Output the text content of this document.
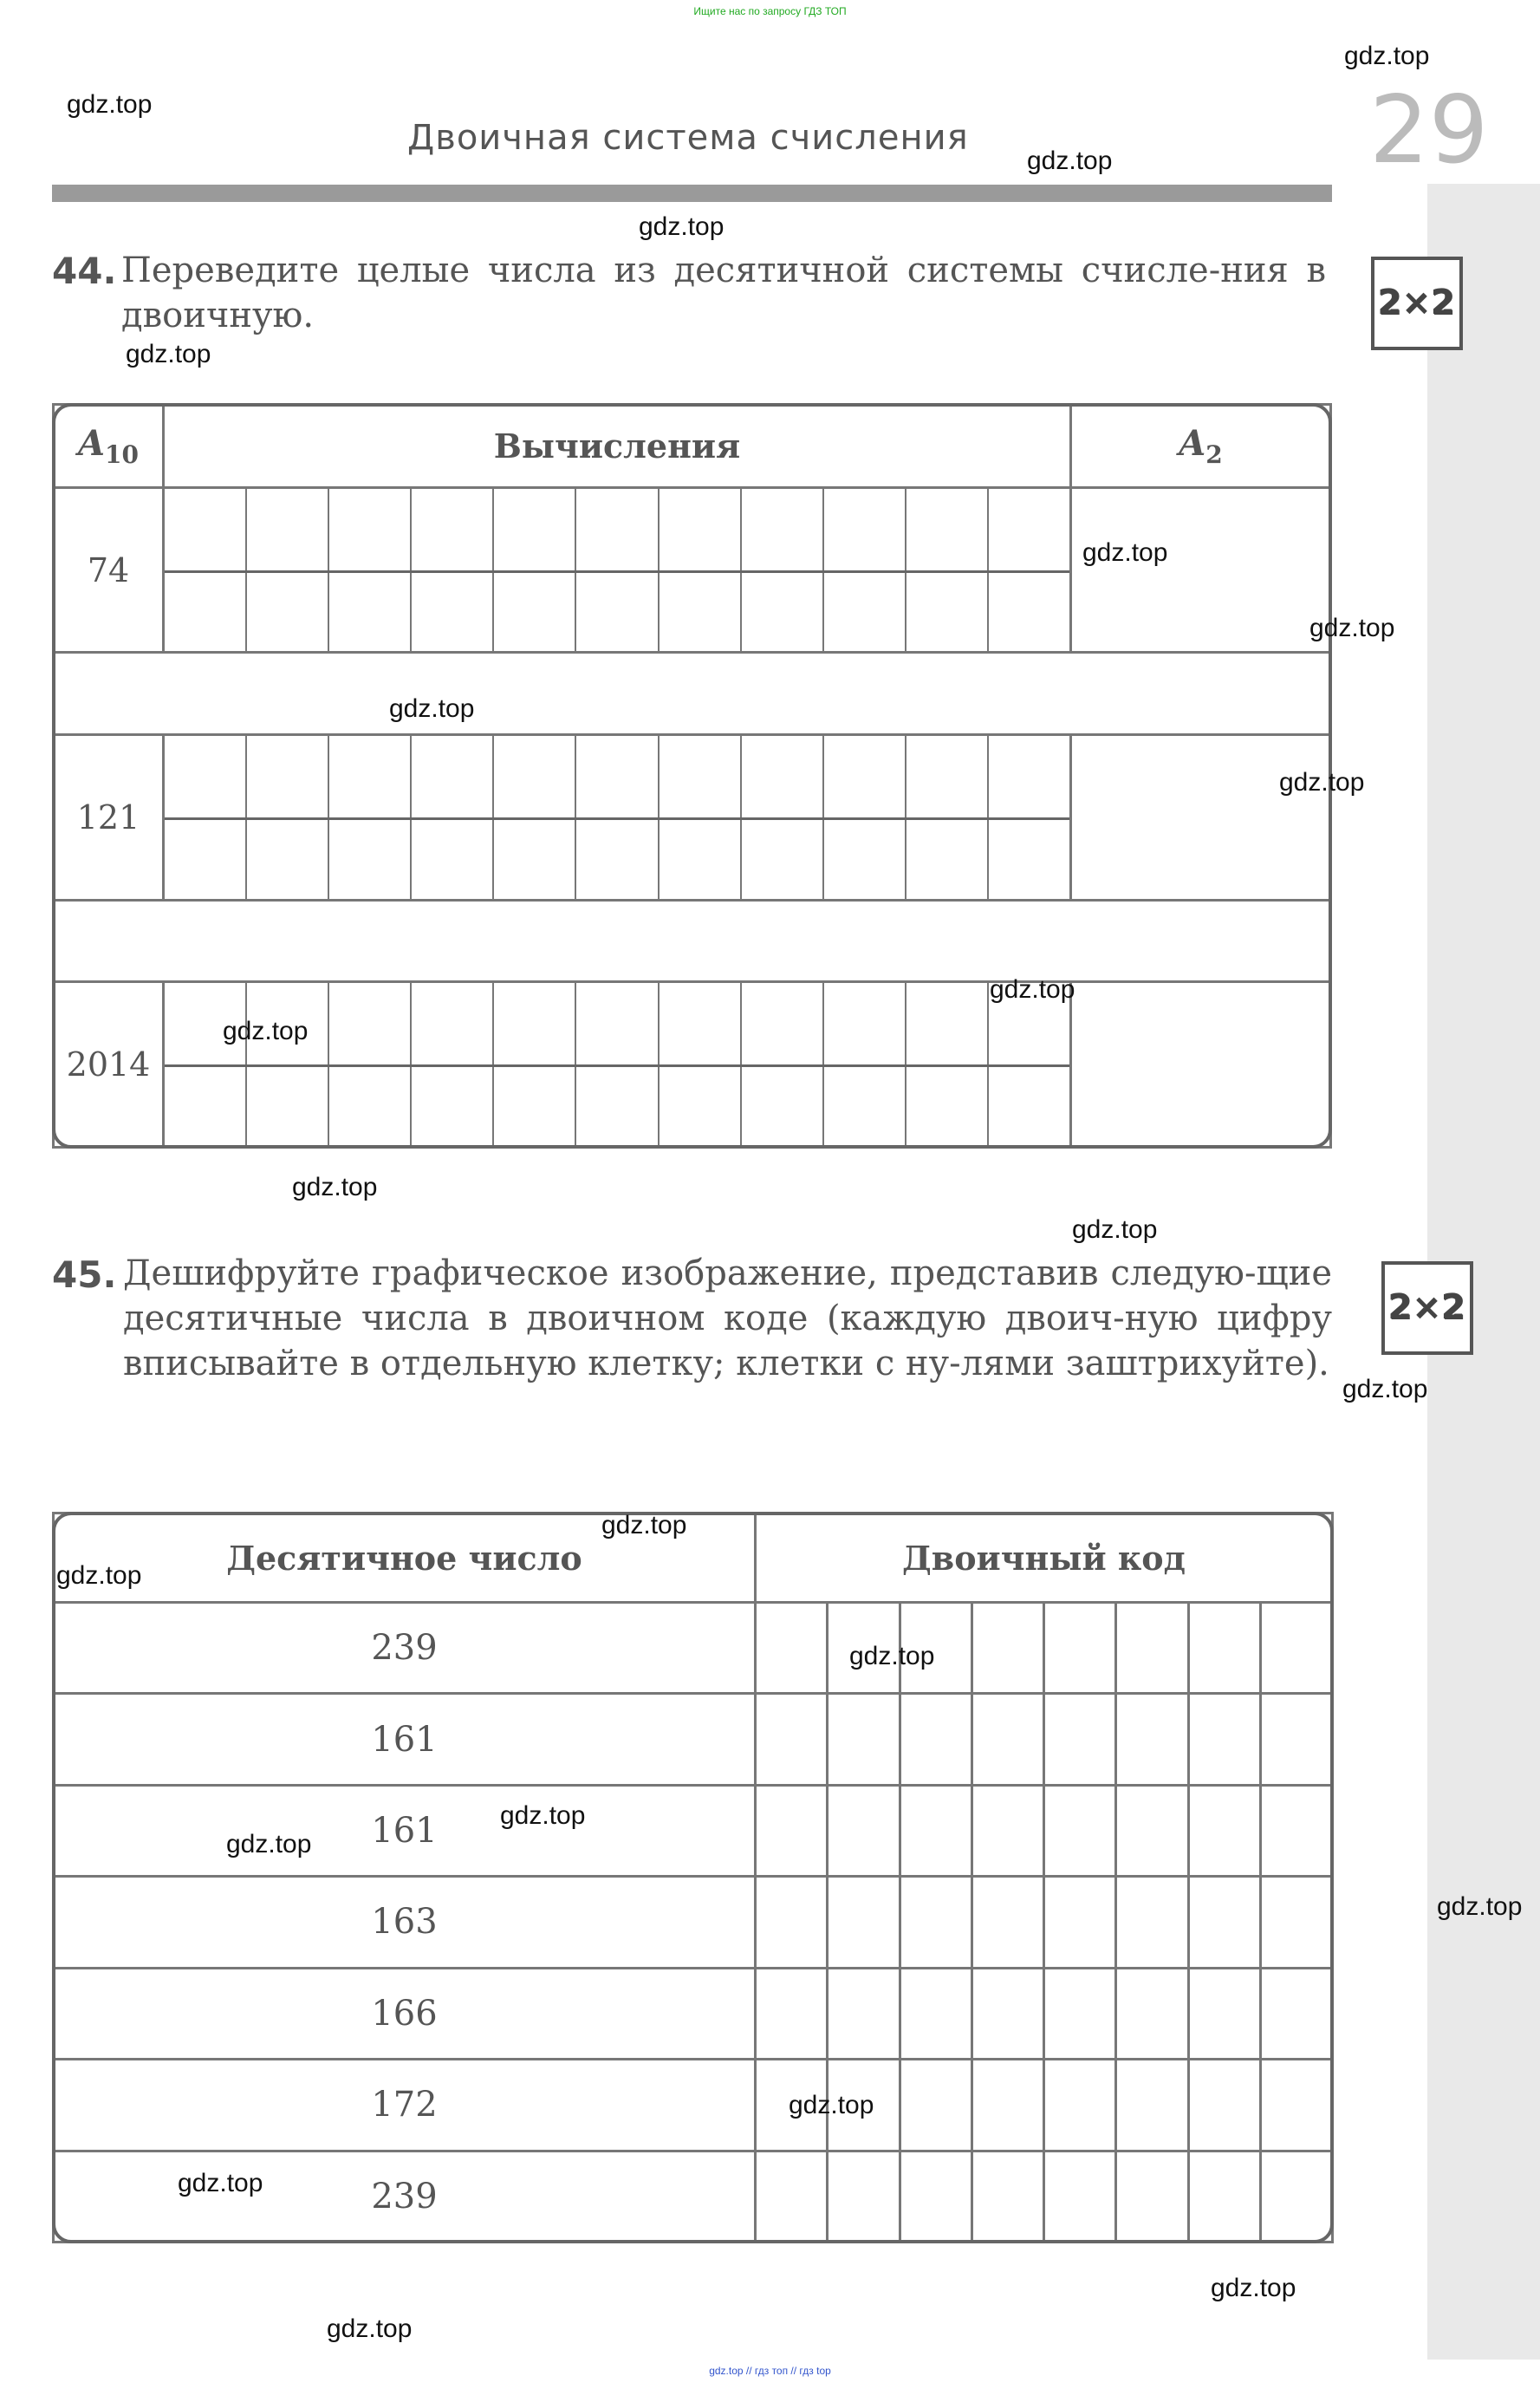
Ищите нас по запросу ГДЗ ТОП
Двоичная система счисления	29
44. Переведите целые числа из десятичной системы счисле-ния в двоичную.	2×2
$A_{10}$	Вычисления	$A_2$
74	

121	

2014	

45. Дешифруйте графическое изображение, представив следую-щие десятичные числа в двоичном коде (каждую двоич-ную цифру вписывайте в отдельную клетку; клетки с ну-лями заштрихуйте).
2×2
Десятичное число	Двоичный код							
239								
161								
161								
163								
166								
172								
239								
gdz.top
gdz.top
gdz.top
gdz.top
gdz.top
gdz.top
gdz.top
gdz.top
gdz.top
gdz.top
gdz.top
gdz.top
gdz.top
gdz.top
gdz.top
gdz.top
gdz.top
gdz.top
gdz.top
gdz.top
gdz.top
gdz.top
gdz.top
gdz.top
gdz.top // гдз топ // гдз top
